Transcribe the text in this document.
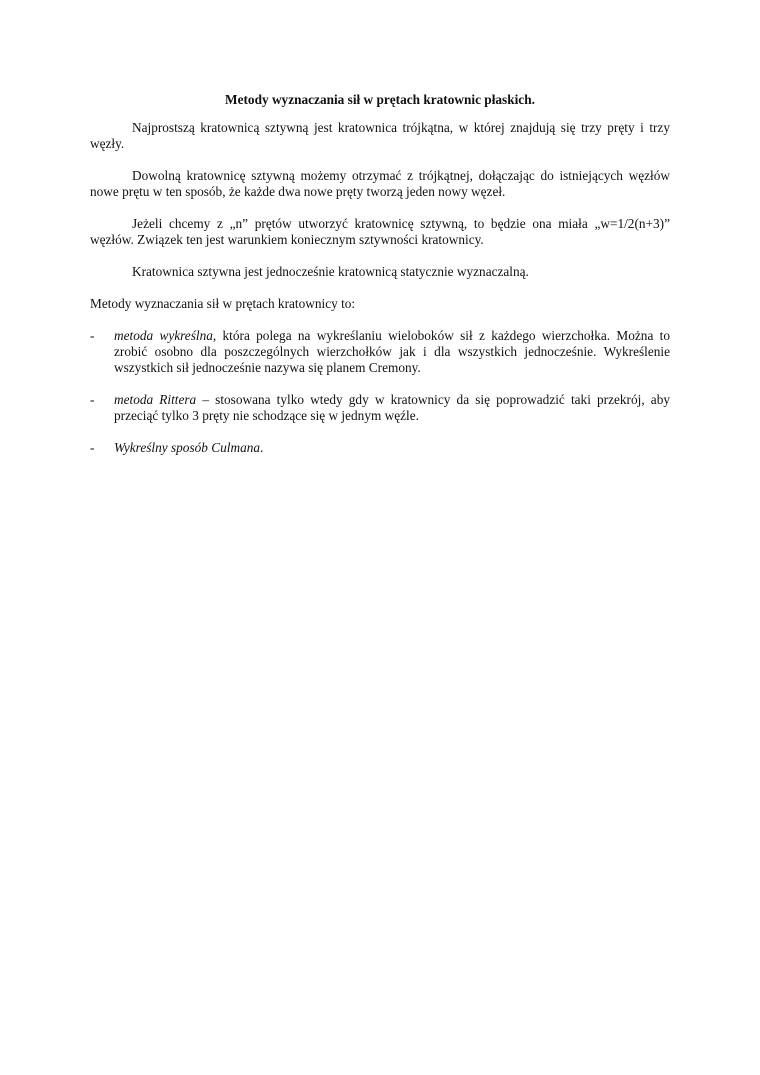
Metody wyznaczania sił w prętach kratownic płaskich.

Najprostszą kratownicą sztywną jest kratownica trójkątna, w której znajdują się trzy pręty i trzy węzły.

Dowolną kratownicę sztywną możemy otrzymać z trójkątnej, dołączając do istniejących węzłów nowe prętu w ten sposób, że każde dwa nowe pręty tworzą jeden nowy węzeł.

Jeżeli chcemy z „n” prętów utworzyć kratownicę sztywną, to będzie ona miała „w=1/2(n+3)” węzłów. Związek ten jest warunkiem koniecznym sztywności kratownicy.

Kratownica sztywna jest jednocześnie kratownicą statycznie wyznaczalną.

Metody wyznaczania sił w prętach kratownicy to:

- metoda wykreślna, która polega na wykreślaniu wieloboków sił z każdego wierzchołka. Można to zrobić osobno dla poszczególnych wierzchołków jak i dla wszystkich jednocześnie. Wykreślenie wszystkich sił jednocześnie nazywa się planem Cremony.
- metoda Rittera – stosowana tylko wtedy gdy w kratownicy da się poprowadzić taki przekrój, aby przeciąć tylko 3 pręty nie schodzące się w jednym węźle.
- Wykreślny sposób Culmana.
